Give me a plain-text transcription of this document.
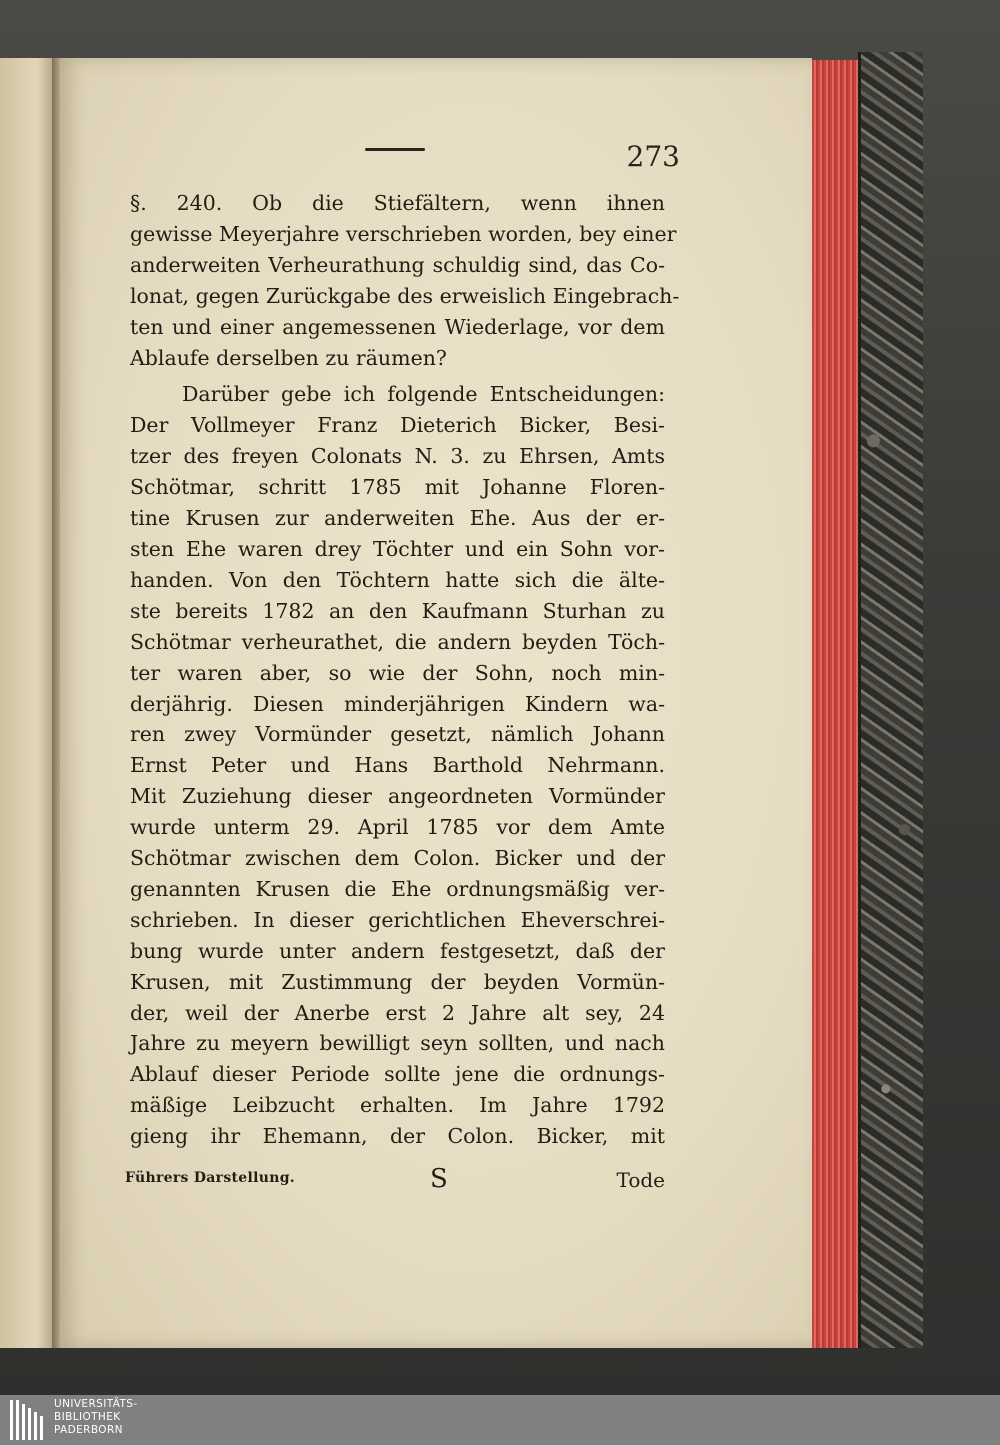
273
§. 240. Ob die Stiefältern, wenn ihnen
gewisse Meyerjahre verschrieben worden, bey einer
anderweiten Verheurathung schuldig sind, das Co-
lonat, gegen Zurückgabe des erweislich Eingebrach-
ten und einer angemessenen Wiederlage, vor dem
Ablaufe derselben zu räumen?
Darüber gebe ich folgende Entscheidungen:
Der Vollmeyer Franz Dieterich Bicker, Besi-
tzer des freyen Colonats N. 3. zu Ehrsen, Amts
Schötmar, schritt 1785 mit Johanne Floren-
tine Krusen zur anderweiten Ehe. Aus der er-
sten Ehe waren drey Töchter und ein Sohn vor-
handen. Von den Töchtern hatte sich die älte-
ste bereits 1782 an den Kaufmann Sturhan zu
Schötmar verheurathet, die andern beyden Töch-
ter waren aber, so wie der Sohn, noch min-
derjährig. Diesen minderjährigen Kindern wa-
ren zwey Vormünder gesetzt, nämlich Johann
Ernst Peter und Hans Barthold Nehrmann.
Mit Zuziehung dieser angeordneten Vormünder
wurde unterm 29. April 1785 vor dem Amte
Schötmar zwischen dem Colon. Bicker und der
genannten Krusen die Ehe ordnungsmäßig ver-
schrieben. In dieser gerichtlichen Eheverschrei-
bung wurde unter andern festgesetzt, daß der
Krusen, mit Zustimmung der beyden Vormün-
der, weil der Anerbe erst 2 Jahre alt sey, 24
Jahre zu meyern bewilligt seyn sollten, und nach
Ablauf dieser Periode sollte jene die ordnungs-
mäßige Leibzucht erhalten. Im Jahre 1792
gieng ihr Ehemann, der Colon. Bicker, mit
Führers Darstellung.	S	Tode
UNIVERSITÄTS-
BIBLIOTHEK
PADERBORN
